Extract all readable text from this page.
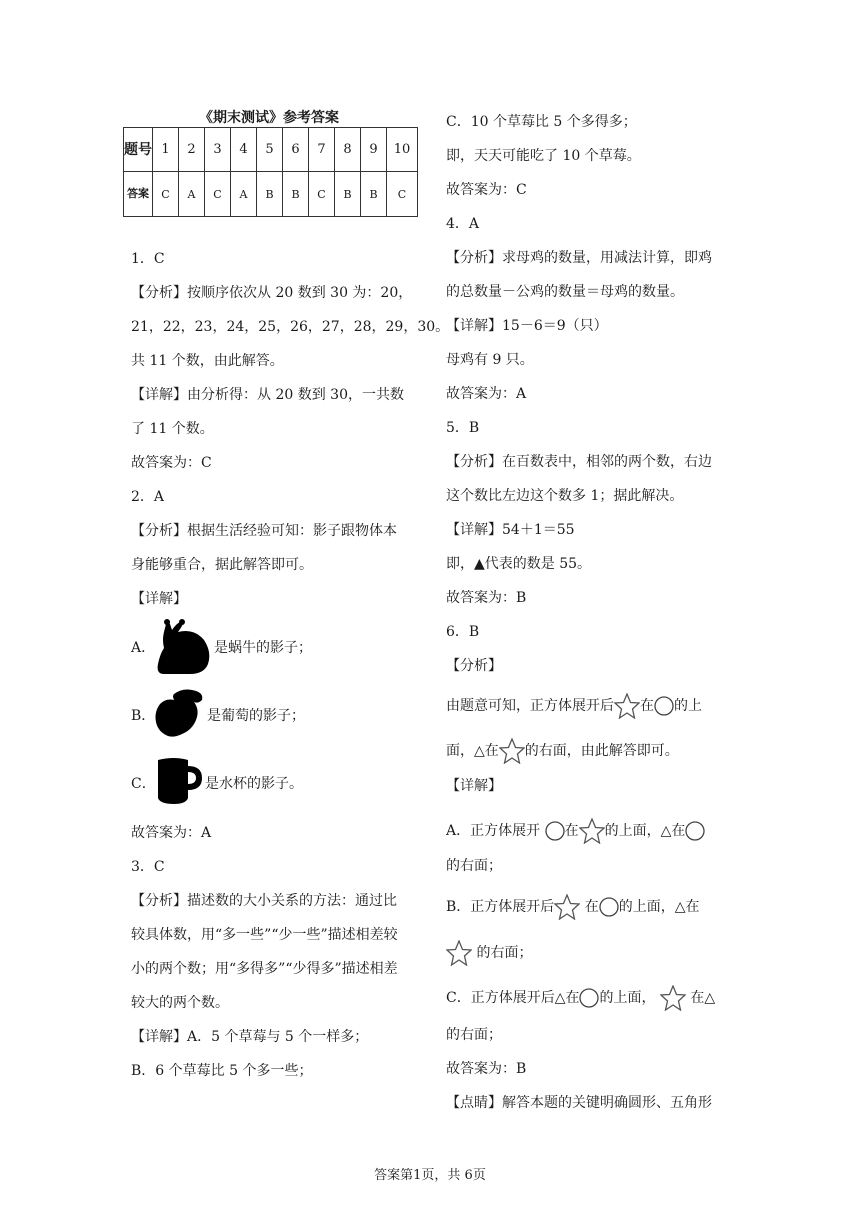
《期末测试》参考答案
题号	1	2	3	4	5	6	7	8	9	10
答案	C	A	C	A	B	B	C	B	B	C
1．C
【分析】按顺序依次从 20 数到 30 为：20，
21，22，23，24，25，26，27，28，29，30。
共 11 个数，由此解答。
【详解】由分析得：从 20 数到 30，一共数
了 11 个数。
故答案为：C
2．A
【分析】根据生活经验可知：影子跟物体本
身能够重合，据此解答即可。
【详解】
A．	是蜗牛的影子；
B．	是葡萄的影子；
C．	是水杯的影子。
故答案为：A
3．C
【分析】描述数的大小关系的方法：通过比
较具体数，用“多一些”“少一些”描述相差较
小的两个数；用“多得多”“少得多”描述相差
较大的两个数。
【详解】A．5 个草莓与 5 个一样多；
B．6 个草莓比 5 个多一些；
C．10 个草莓比 5 个多得多；
即，天天可能吃了 10 个草莓。
故答案为：C
4．A
【分析】求母鸡的数量，用减法计算，即鸡
的总数量－公鸡的数量＝母鸡的数量。
【详解】15－6＝9（只）
母鸡有 9 只。
故答案为：A
5．B
【分析】在百数表中，相邻的两个数，右边
这个数比左边这个数多 1；据此解决。
【详解】54＋1＝55
即，▲代表的数是 55。
故答案为：B
6．B
【分析】
由题意可知，正方体展开后 在 的上
面，△在 的右面，由此解答即可。
【详解】
A．正方体展开 在 的上面，△在
的右面；
B．正方体展开后 在 的上面，△在
的右面；
C．正方体展开后△在 的上面， 在△
的右面；
故答案为：B
【点睛】解答本题的关键明确圆形、五角形
答案第1页，共 6页
